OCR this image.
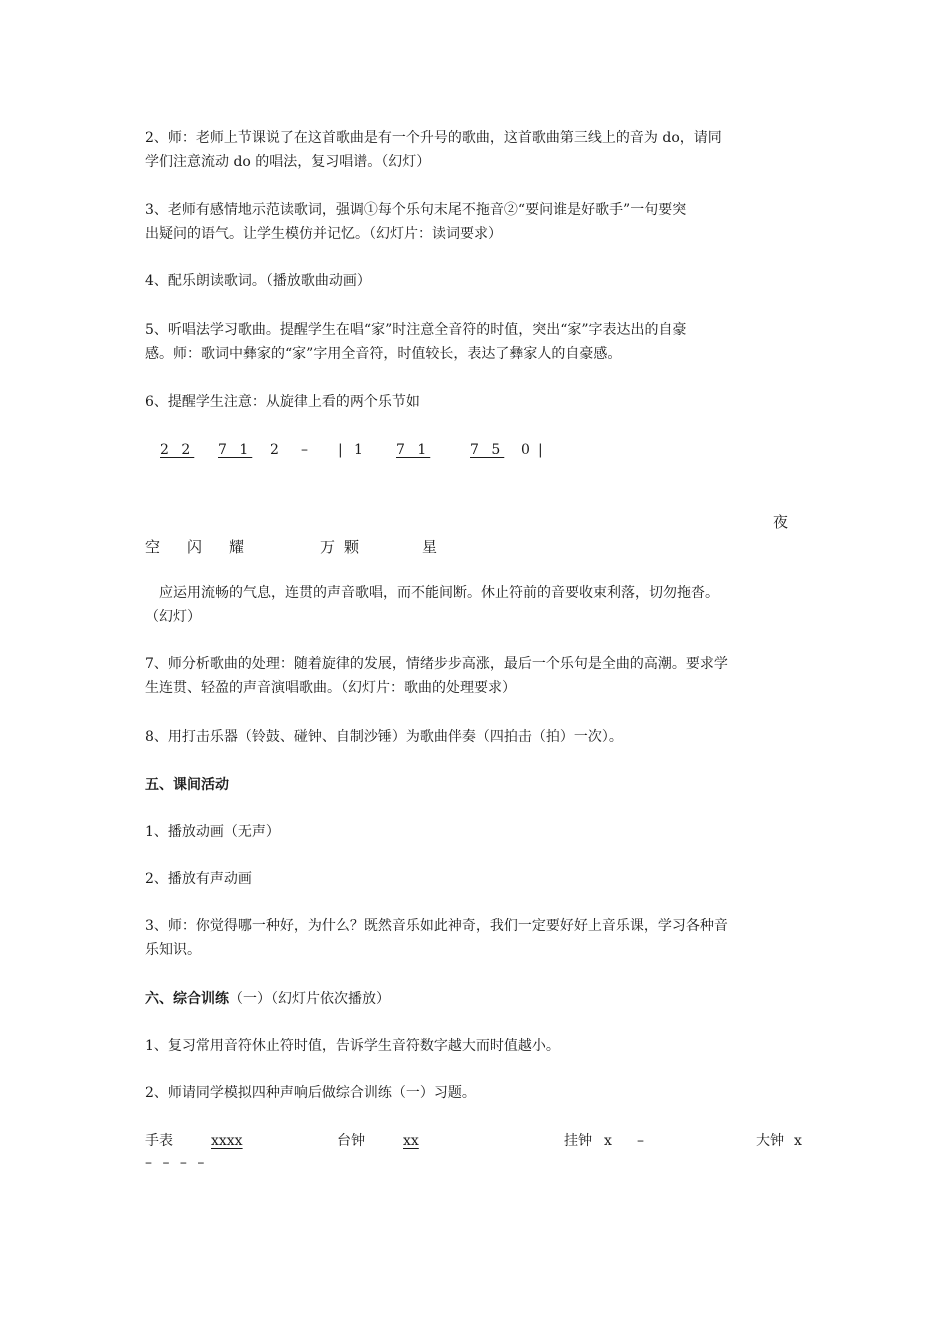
2、师：老师上节课说了在这首歌曲是有一个升号的歌曲，这首歌曲第三线上的音为 do，请同
学们注意流动 do 的唱法，复习唱谱。（幻灯）
3、老师有感情地示范读歌词，强调①每个乐句末尾不拖音②“要问谁是好歌手”一句要突
出疑问的语气。让学生模仿并记忆。（幻灯片：读词要求）
4、配乐朗读歌词。（播放歌曲动画）
5、听唱法学习歌曲。提醒学生在唱“家”时注意全音符的时值，突出“家”字表达出的自豪
感。师：歌词中彝家的“家”字用全音符，时值较长，表达了彝家人的自豪感。
6、提醒学生注意：从旋律上看的两个乐节如
2 2 7 1 2 – | 1 7 1	7 5 0 |
夜
空 闪 耀	万 颗	星
　应运用流畅的气息，连贯的声音歌唱，而不能间断。休止符前的音要收束利落，切勿拖沓。
（幻灯）
7、师分析歌曲的处理：随着旋律的发展，情绪步步高涨，最后一个乐句是全曲的高潮。要求学
生连贯、轻盈的声音演唱歌曲。（幻灯片：歌曲的处理要求）
8、用打击乐器（铃鼓、碰钟、自制沙锤）为歌曲伴奏（四拍击（拍）一次）。
五、课间活动
1、播放动画（无声）
2、播放有声动画
3、师：你觉得哪一种好，为什么？既然音乐如此神奇，我们一定要好好上音乐课，学习各种音
乐知识。
六、综合训练（一）（幻灯片依次播放）
1、复习常用音符休止符时值，告诉学生音符数字越大而时值越小。
2、师请同学模拟四种声响后做综合训练（一）习题。
手表	xxxx	台钟	xx	挂钟 x –	大钟 x
– – – –
